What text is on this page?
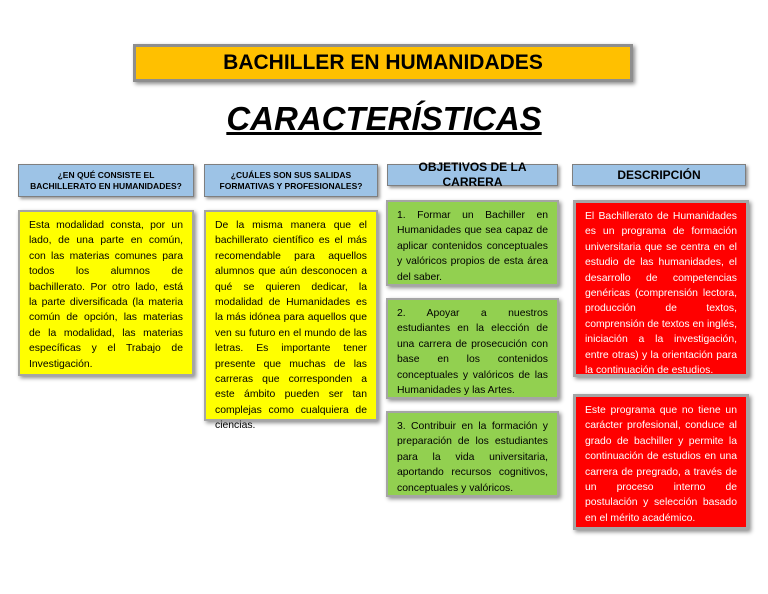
BACHILLER EN HUMANIDADES
CARACTERÍSTICAS
¿EN QUÉ CONSISTE EL BACHILLERATO EN HUMANIDADES?
¿CUÁLES SON SUS SALIDAS FORMATIVAS Y PROFESIONALES?
OBJETIVOS DE LA CARRERA
DESCRIPCIÓN
Esta modalidad consta, por un lado, de una parte en común, con las materias comunes para todos los alumnos de bachillerato. Por otro lado, está la parte diversificada (la materia común de opción, las materias de la modalidad, las materias específicas y el Trabajo de Investigación.
De la misma manera que el bachillerato científico es el más recomendable para aquellos alumnos que aún desconocen a qué se quieren dedicar, la modalidad de Humanidades es la más idónea para aquellos que ven su futuro en el mundo de las letras. Es importante tener presente que muchas de las carreras que corresponden a este ámbito pueden ser tan complejas como cualquiera de ciencias.
1. Formar un Bachiller en Humanidades que sea capaz de aplicar contenidos conceptuales y valóricos propios de esta área del saber.
2. Apoyar a nuestros estudiantes en la elección de una carrera de prosecución con base en los contenidos conceptuales y valóricos de las Humanidades y las Artes.
3. Contribuir en la formación y preparación de los estudiantes para la vida universitaria, aportando recursos cognitivos, conceptuales y valóricos.
El Bachillerato de Humanidades es un programa de formación universitaria que se centra en el estudio de las humanidades, el desarrollo de competencias genéricas (comprensión lectora, producción de textos, comprensión de textos en inglés, iniciación a la investigación, entre otras) y la orientación para la continuación de estudios.
Este programa que no tiene un carácter profesional, conduce al grado de bachiller y permite la continuación de estudios en una carrera de pregrado, a través de un proceso interno de postulación y selección basado en el mérito académico.
